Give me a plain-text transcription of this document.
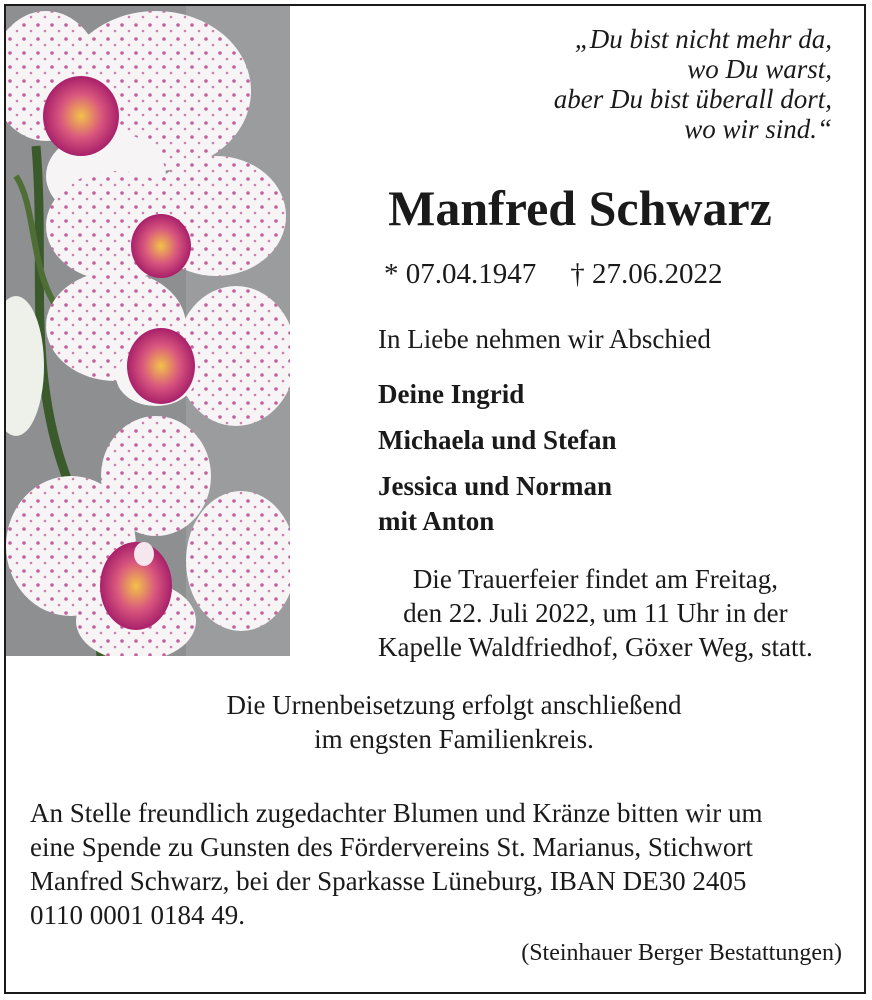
„Du bist nicht mehr da,
wo Du warst,
aber Du bist überall dort,
wo wir sind.“
Manfred Schwarz
* 07.04.1947 † 27.06.2022
In Liebe nehmen wir Abschied
Deine Ingrid
Michaela und Stefan
Jessica und Norman
mit Anton
Die Trauerfeier findet am Freitag,
den 22. Juli 2022, um 11 Uhr in der
Kapelle Waldfriedhof, Göxer Weg, statt.
Die Urnenbeisetzung erfolgt anschließend
im engsten Familienkreis.
An Stelle freundlich zugedachter Blumen und Kränze bitten wir um
eine Spende zu Gunsten des Fördervereins St. Marianus, Stichwort
Manfred Schwarz, bei der Sparkasse Lüneburg, IBAN DE30 2405
0110 0001 0184 49.
(Steinhauer Berger Bestattungen)
